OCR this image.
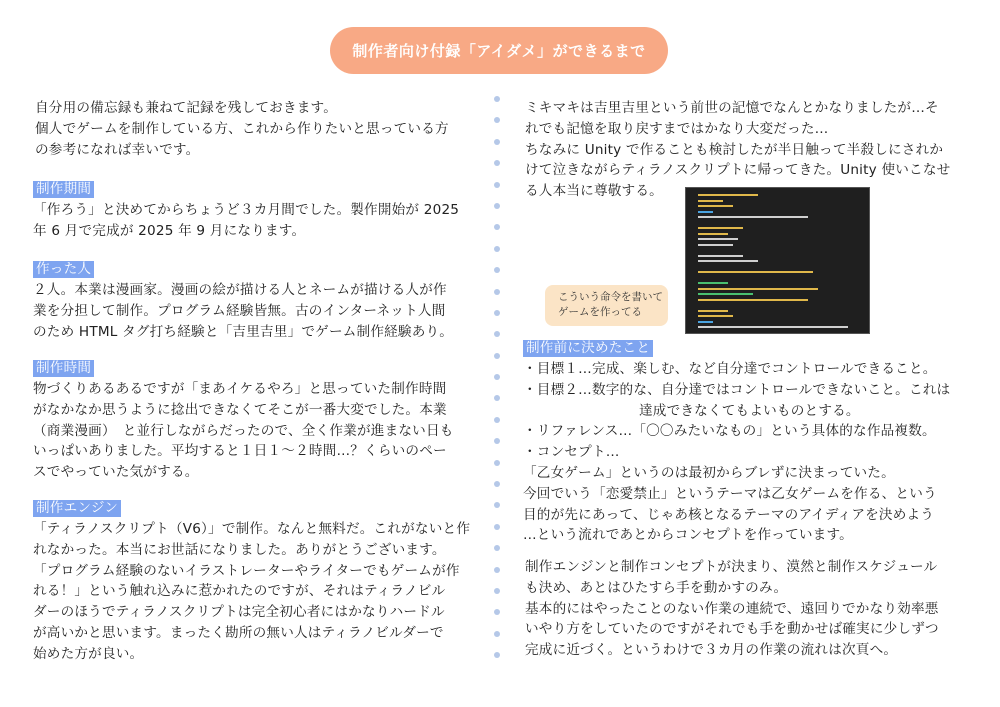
制作者向け付録「アイダメ」ができるまで
自分用の備忘録も兼ねて記録を残しておきます。
個人でゲームを制作している方、これから作りたいと思っている方
の参考になれば幸いです。
制作期間
「作ろう」と決めてからちょうど３カ月間でした。製作開始が 2025
年 6 月で完成が 2025 年 9 月になります。
作った人
２人。本業は漫画家。漫画の絵が描ける人とネームが描ける人が作
業を分担して制作。プログラム経験皆無。古のインターネット人間
のため HTML タグ打ち経験と「吉里吉里」でゲーム制作経験あり。
制作時間
物づくりあるあるですが「まあイケるやろ」と思っていた制作時間
がなかなか思うように捻出できなくてそこが一番大変でした。本業
（商業漫画）　と並行しながらだったので、全く作業が進まない日も
いっぱいありました。平均すると１日１～２時間…？くらいのペー
スでやっていた気がする。
制作エンジン
「ティラノスクリプト（V6）」で制作。なんと無料だ。これがないと作
れなかった。本当にお世話になりました。ありがとうございます。
「プログラム経験のないイラストレーターやライターでもゲームが作
れる！」という触れ込みに惹かれたのですが、それはティラノビル
ダーのほうでティラノスクリプトは完全初心者にはかなりハードル
が高いかと思います。まったく勘所の無い人はティラノビルダーで
始めた方が良い。
ミキマキは吉里吉里という前世の記憶でなんとかなりましたが…そ
れでも記憶を取り戻すまではかなり大変だった…
ちなみに Unity で作ることも検討したが半日触って半殺しにされか
けて泣きながらティラノスクリプトに帰ってきた。Unity 使いこなせ
る人本当に尊敬する。
こういう命令を書いて
ゲームを作ってる
制作前に決めたこと
・目標１…完成、楽しむ、など自分達でコントロールできること。
・目標２…数字的な、自分達ではコントロールできないこと。これは
達成できなくてもよいものとする。
・リファレンス…「〇〇みたいなもの」という具体的な作品複数。
・コンセプト…
「乙女ゲーム」というのは最初からブレずに決まっていた。
今回でいう「恋愛禁止」というテーマは乙女ゲームを作る、という
目的が先にあって、じゃあ核となるテーマのアイディアを決めよう
…という流れであとからコンセプトを作っています。
制作エンジンと制作コンセプトが決まり、漠然と制作スケジュール
も決め、あとはひたすら手を動かすのみ。
基本的にはやったことのない作業の連続で、遠回りでかなり効率悪
いやり方をしていたのですがそれでも手を動かせば確実に少しずつ
完成に近づく。というわけで３カ月の作業の流れは次頁へ。
